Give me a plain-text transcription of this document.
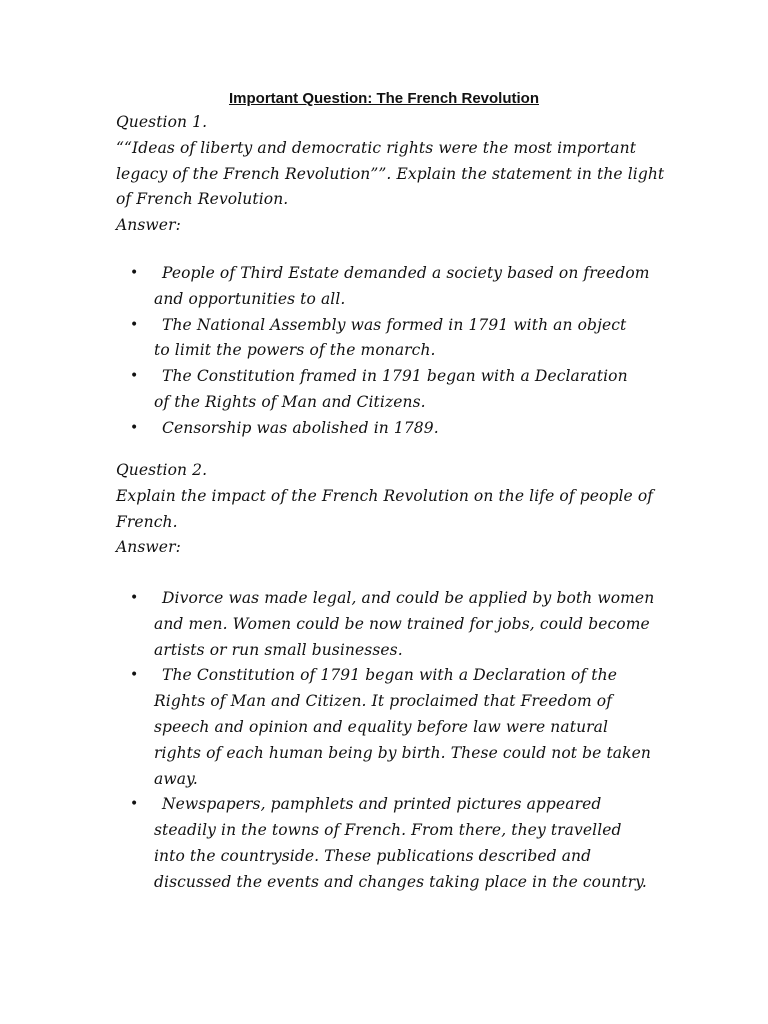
Important Question: The French Revolution
Question 1.
““Ideas of liberty and democratic rights were the most important
legacy of the French Revolution””. Explain the statement in the light
of French Revolution.
Answer:
•	People of Third Estate demanded a society based on freedom
and opportunities to all.
•	The National Assembly was formed in 1791 with an object
to limit the powers of the monarch.
•	The Constitution framed in 1791 began with a Declaration
of the Rights of Man and Citizens.
•	Censorship was abolished in 1789.
Question 2.
Explain the impact of the French Revolution on the life of people of
French.
Answer:
•	Divorce was made legal, and could be applied by both women
and men. Women could be now trained for jobs, could become
artists or run small businesses.
•	The Constitution of 1791 began with a Declaration of the
Rights of Man and Citizen. It proclaimed that Freedom of
speech and opinion and equality before law were natural
rights of each human being by birth. These could not be taken
away.
•	Newspapers, pamphlets and printed pictures appeared
steadily in the towns of French. From there, they travelled
into the countryside. These publications described and
discussed the events and changes taking place in the country.
